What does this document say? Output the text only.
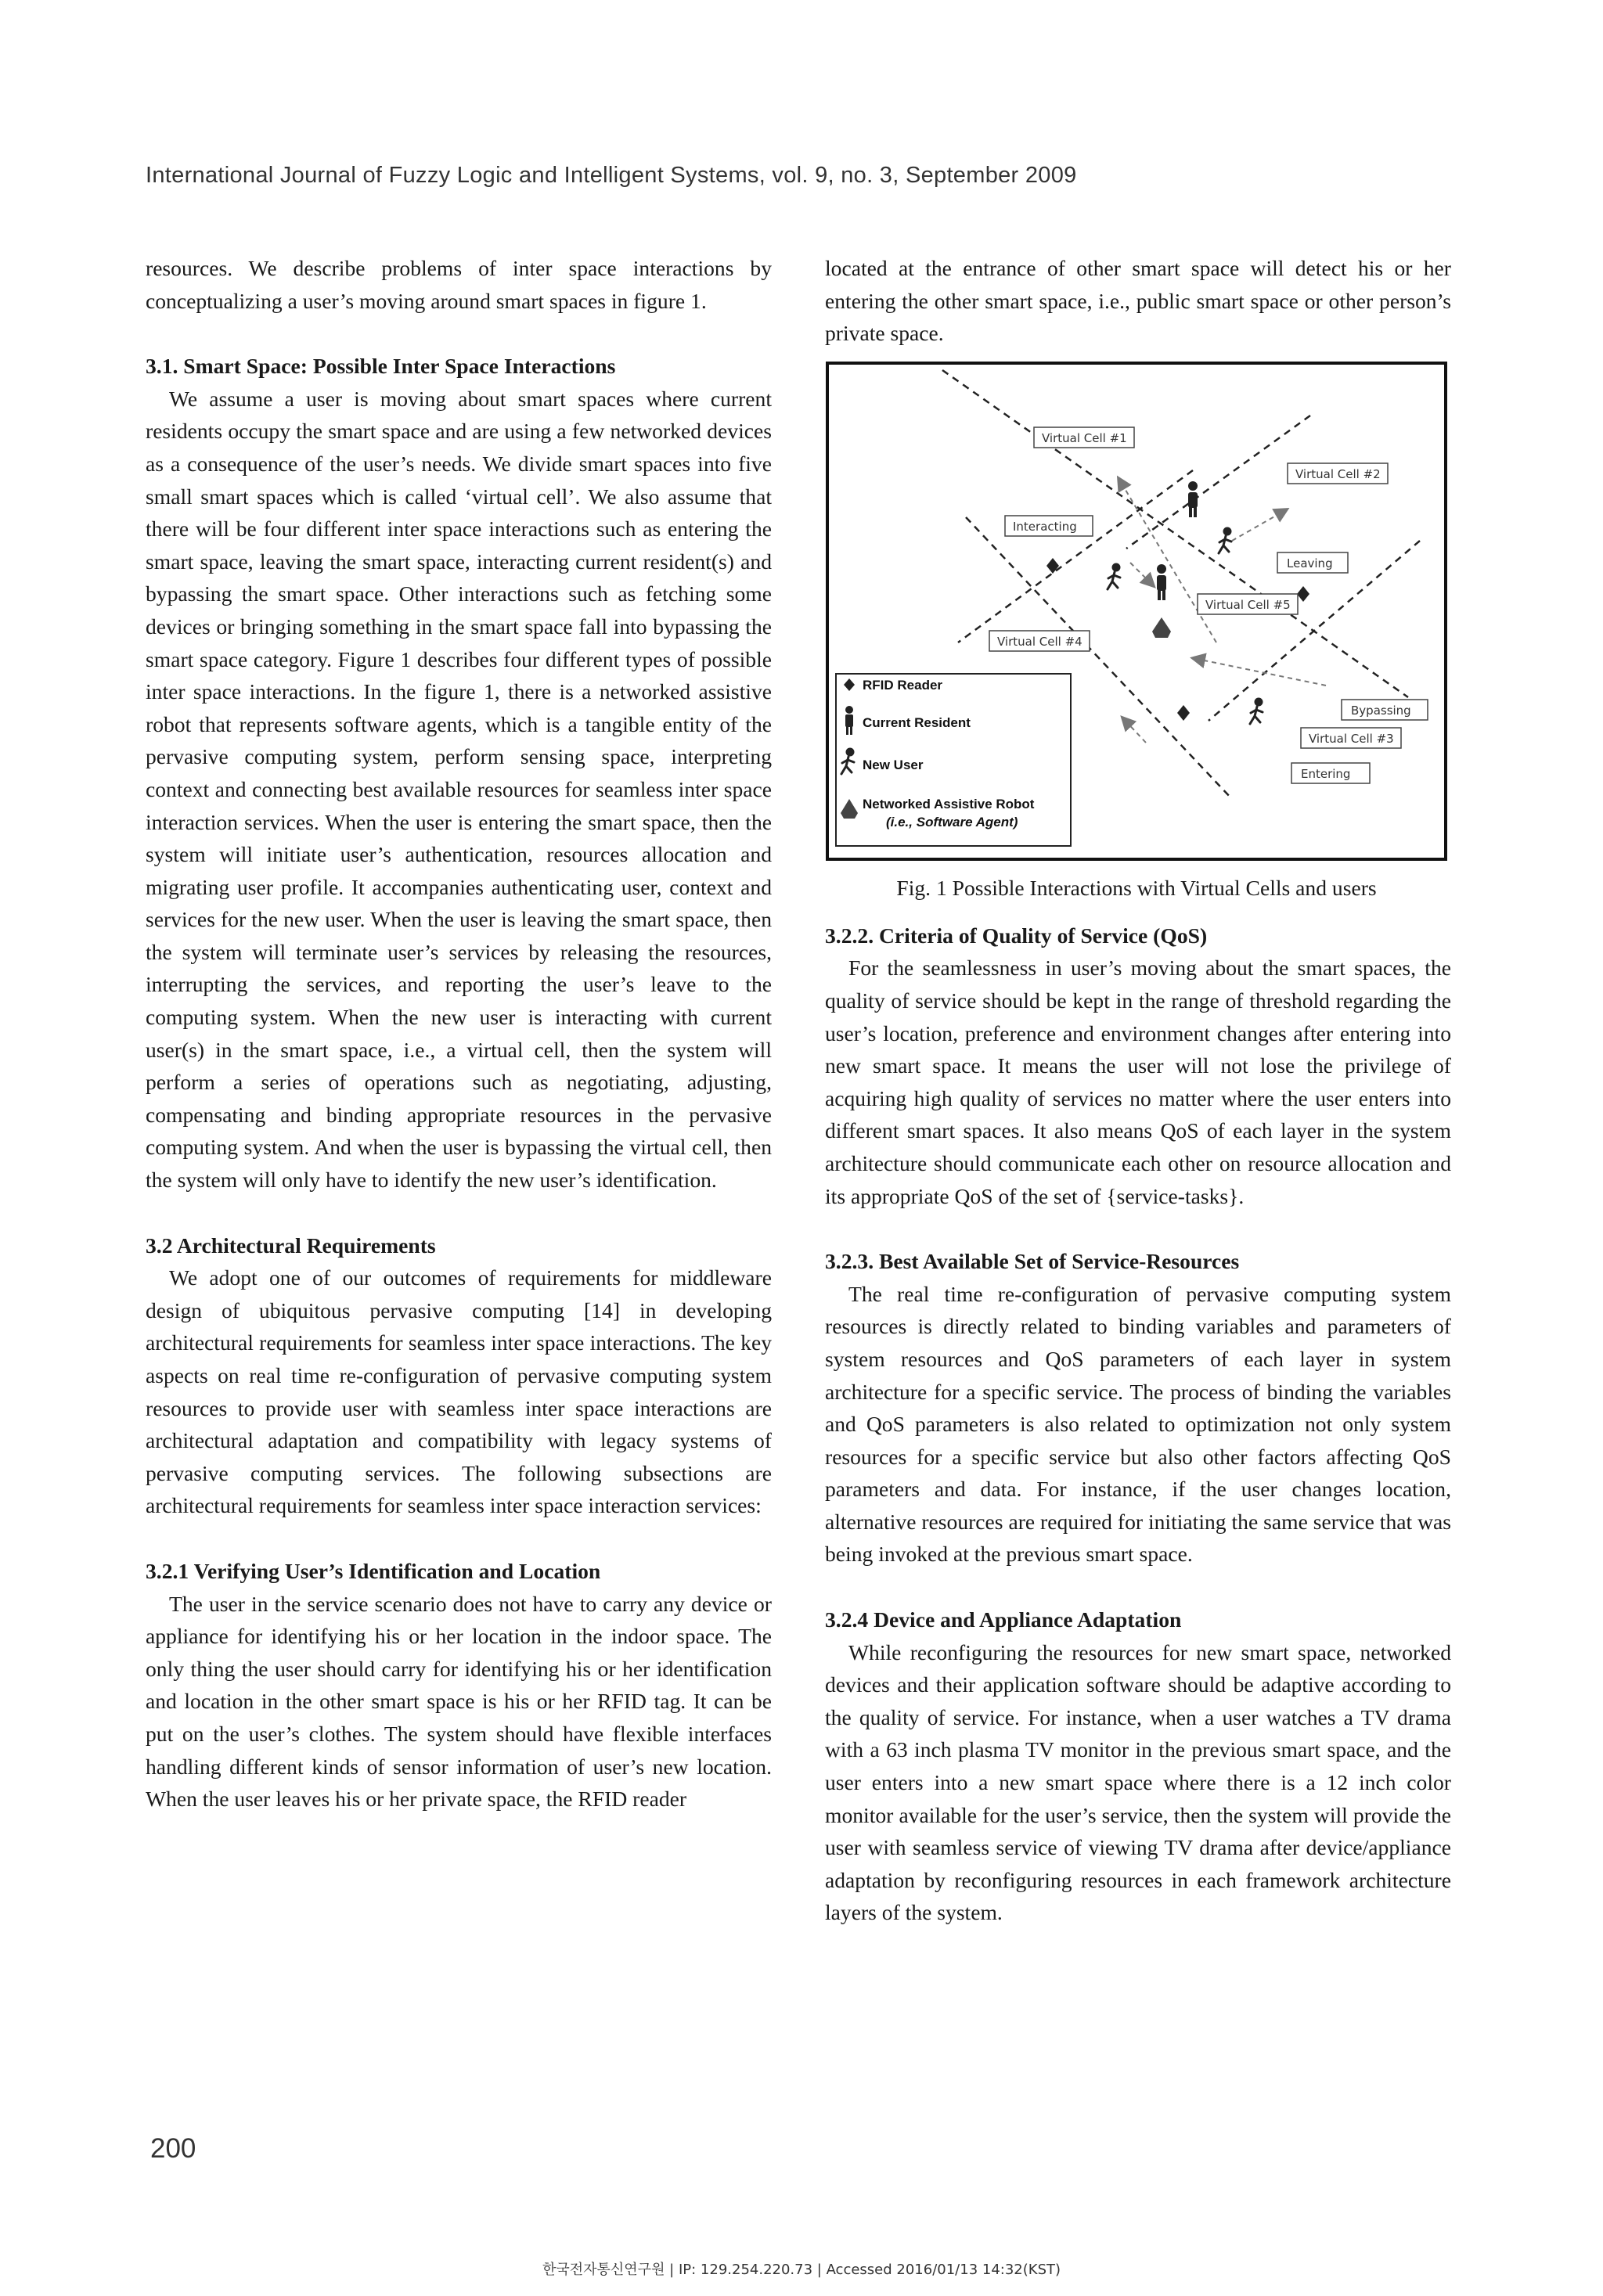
International Journal of Fuzzy Logic and Intelligent Systems, vol. 9, no. 3, September 2009

resources. We describe problems of inter space interactions by conceptualizing a user’s moving around smart spaces in figure 1.

3.1. Smart Space: Possible Inter Space Interactions

We assume a user is moving about smart spaces where current residents occupy the smart space and are using a few networked devices as a consequence of the user’s needs. We divide smart spaces into five small smart spaces which is called ‘virtual cell’. We also assume that there will be four different inter space interactions such as entering the smart space, leaving the smart space, interacting current resident(s) and bypassing the smart space. Other interactions such as fetching some devices or bringing something in the smart space fall into bypassing the smart space category. Figure 1 describes four different types of possible inter space interactions. In the figure 1, there is a networked assistive robot that represents software agents, which is a tangible entity of the pervasive computing system, perform sensing space, interpreting context and connecting best available resources for seamless inter space interaction services. When the user is entering the smart space, then the system will initiate user’s authentication, resources allocation and migrating user profile. It accompanies authenticating user, context and services for the new user. When the user is leaving the smart space, then the system will terminate user’s services by releasing the resources, interrupting the services, and reporting the user’s leave to the computing system. When the new user is interacting with current user(s) in the smart space, i.e., a virtual cell, then the system will perform a series of operations such as negotiating, adjusting, compensating and binding appropriate resources in the pervasive computing system. And when the user is bypassing the virtual cell, then the system will only have to identify the new user’s identification.

3.2 Architectural Requirements

We adopt one of our outcomes of requirements for middleware design of ubiquitous pervasive computing [14] in developing architectural requirements for seamless inter space interactions. The key aspects on real time re-configuration of pervasive computing system resources to provide user with seamless inter space interactions are architectural adaptation and compatibility with legacy systems of pervasive computing services. The following subsections are architectural requirements for seamless inter space interaction services:

3.2.1 Verifying User’s Identification and Location

The user in the service scenario does not have to carry any device or appliance for identifying his or her location in the indoor space. The only thing the user should carry for identifying his or her identification and location in the other smart space is his or her RFID tag. It can be put on the user’s clothes. The system should have flexible interfaces handling different kinds of sensor information of user’s new location. When the user leaves his or her private space, the RFID reader

located at the entrance of other smart space will detect his or her entering the other smart space, i.e., public smart space or other person’s private space.

Virtual Cell #1
Virtual Cell #2
Virtual Cell #3
Virtual Cell #4
Virtual Cell #5
Interacting
Leaving
Bypassing
Entering
RFID Reader
Current Resident
New User
Networked Assistive Robot
(i.e., Software Agent)
Fig. 1 Possible Interactions with Virtual Cells and users
3.2.2. Criteria of Quality of Service (QoS)

For the seamlessness in user’s moving about the smart spaces, the quality of service should be kept in the range of threshold regarding the user’s location, preference and environment changes after entering into new smart space. It means the user will not lose the privilege of acquiring high quality of services no matter where the user enters into different smart spaces. It also means QoS of each layer in the system architecture should communicate each other on resource allocation and its appropriate QoS of the set of {service-tasks}.

3.2.3. Best Available Set of Service-Resources

The real time re-configuration of pervasive computing system resources is directly related to binding variables and parameters of system resources and QoS parameters of each layer in system architecture for a specific service. The process of binding the variables and QoS parameters is also related to optimization not only system resources for a specific service but also other factors affecting QoS parameters and data. For instance, if the user changes location, alternative resources are required for initiating the same service that was being invoked at the previous smart space.

3.2.4 Device and Appliance Adaptation

While reconfiguring the resources for new smart space, networked devices and their application software should be adaptive according to the quality of service. For instance, when a user watches a TV drama with a 63 inch plasma TV monitor in the previous smart space, and the user enters into a new smart space where there is a 12 inch color monitor available for the user’s service, then the system will provide the user with seamless service of viewing TV drama after device/appliance adaptation by reconfiguring resources in each framework architecture layers of the system.

200

한국전자통신연구원 | IP: 129.254.220.73 | Accessed 2016/01/13 14:32(KST)
